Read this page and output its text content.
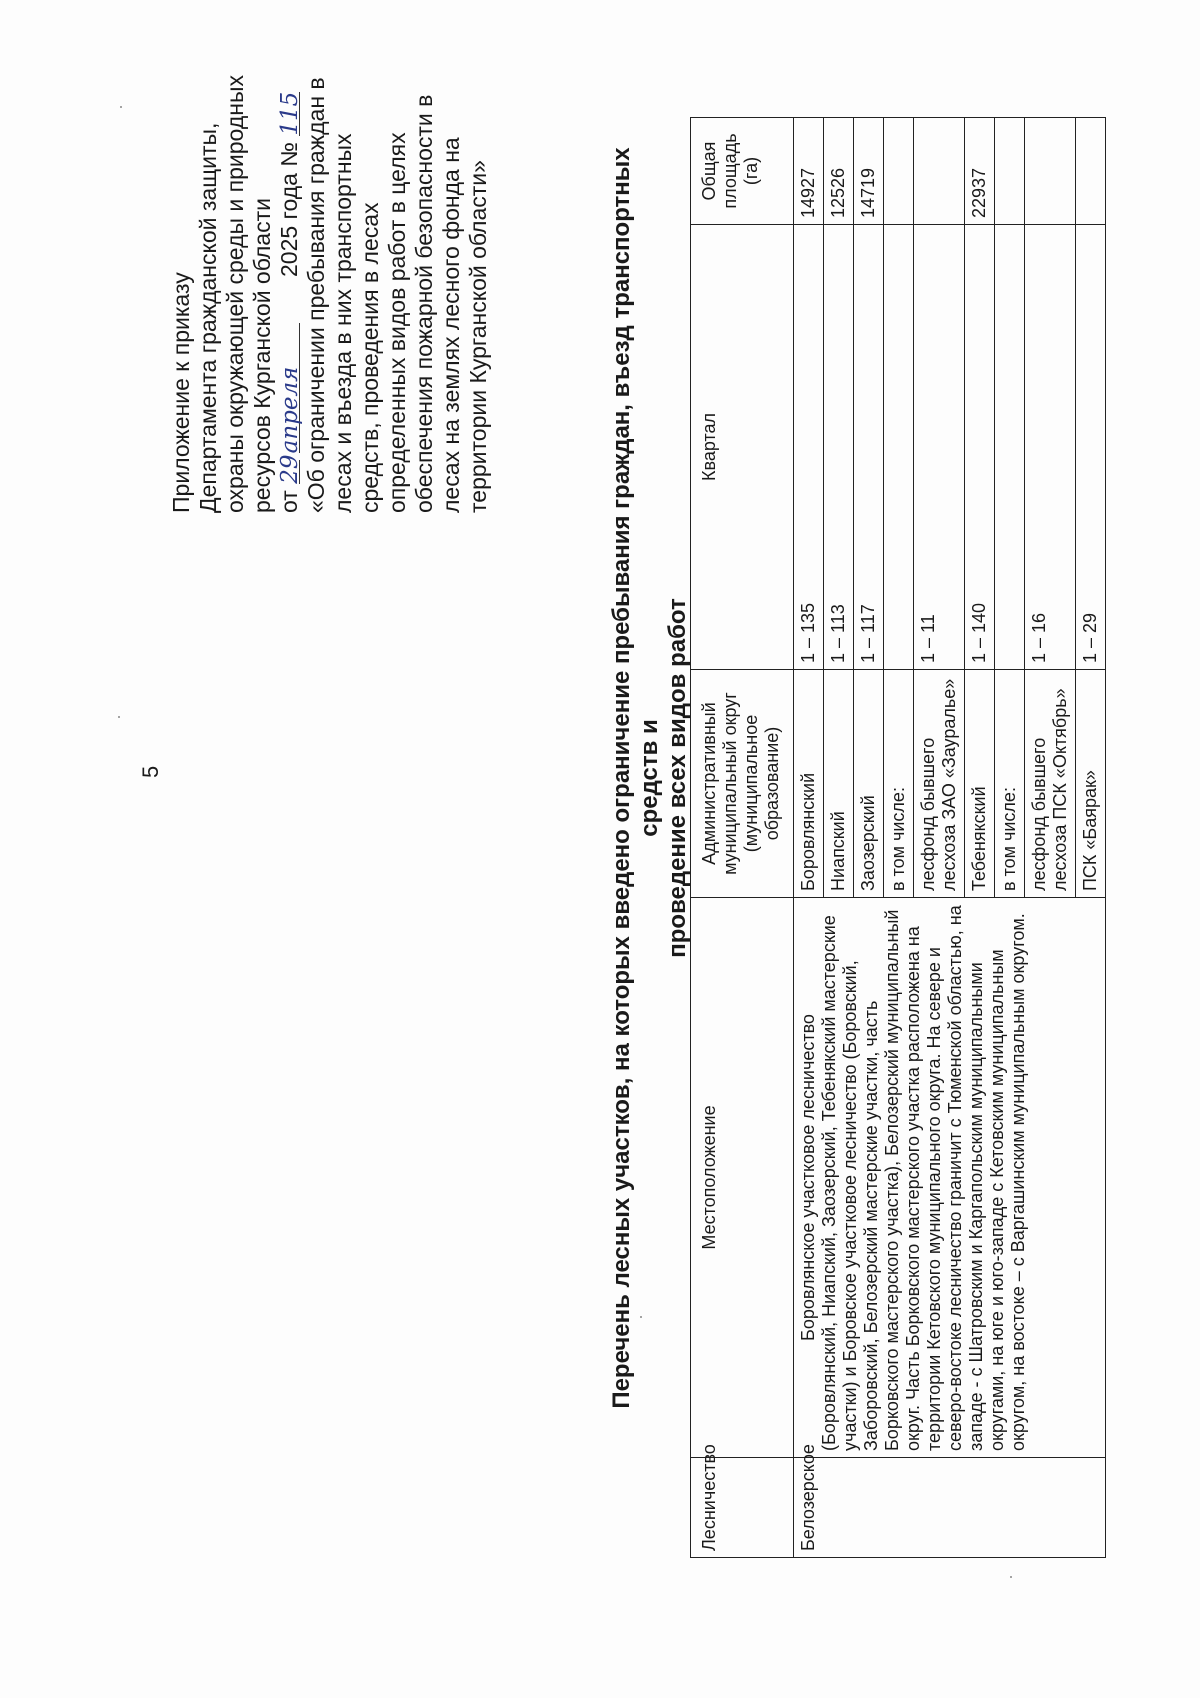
5
Приложение к приказу Департамента гражданской защиты, охраны окружающей среды и природных ресурсов Курганской области от 29 апреля 2025 года № 115 «Об ограничении пребывания граждан в лесах и въезда в них транспортных средств, проведения в лесах определенных видов работ в целях обеспечения пожарной безопасности в лесах на землях лесного фонда на территории Курганской области»	Перечень лесных участков, на которых введено ограничение пребывания граждан, въезд транспортных средств и
проведение всех видов работ
Лесничество	Местоположение	Административный муниципальный округ (муниципальное образование)	Квартал	Общая площадь (га)
Белозерское	Боровлянское участковое лесничество (Боровлянский, Ниапский, Заозерский, Тебенякский мастерские участки) и Боровское участковое лесничество (Боровский, Заборовский, Белозерский мастерские участки, часть Борковского мастерского участка), Белозерский муниципальный округ. Часть Борковского мастерского участка расположена на территории Кетовского муниципального округа. На севере и северо-востоке лесничество граничит с Тюменской областью, на западе - с Шатровским и Каргапольским муниципальными округами, на юге и юго-западе с Кетовским муниципальным округом, на востоке – с Варгашинским муниципальным округом.	Боровлянский	1 – 135	14927
		Ниапский	1 – 113	12526
		Заозерский	1 – 117	14719
		в том числе:		
		лесфонд бывшего лесхоза ЗАО «Зауралье»	1 – 11	
		Тебенякский	1 – 140	22937
		в том числе:		
		лесфонд бывшего лесхоза ПСК «Октябрь»	1 – 16	
		ПСК «Баярак»	1 – 29	
